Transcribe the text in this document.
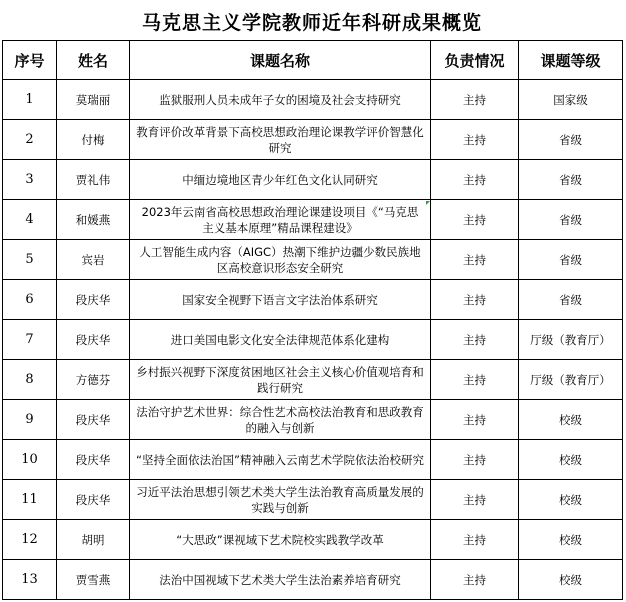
马克思主义学院教师近年科研成果概览
序号	姓名	课题名称	负责情况	课题等级
1	莫瑞丽	监狱服刑人员未成年子女的困境及社会支持研究	主持	国家级
2	付梅	教育评价改革背景下高校思想政治理论课教学评价智慧化研究	主持	省级
3	贾礼伟	中缅边境地区青少年红色文化认同研究	主持	省级
4	和媛燕	2023年云南省高校思想政治理论课建设项目《“马克思主义基本原理”精品课程建设》	主持	省级
5	宾岩	人工智能生成内容（AIGC）热潮下维护边疆少数民族地区高校意识形态安全研究	主持	省级
6	段庆华	国家安全视野下语言文字法治体系研究	主持	省级
7	段庆华	进口美国电影文化安全法律规范体系化建构	主持	厅级（教育厅）
8	方德芬	乡村振兴视野下深度贫困地区社会主义核心价值观培育和践行研究	主持	厅级（教育厅）
9	段庆华	法治守护艺术世界：综合性艺术高校法治教育和思政教育的融入与创新	主持	校级
10	段庆华	“坚持全面依法治国”精神融入云南艺术学院依法治校研究	主持	校级
11	段庆华	习近平法治思想引领艺术类大学生法治教育高质量发展的实践与创新	主持	校级
12	胡明	“大思政”课视域下艺术院校实践教学改革	主持	校级
13	贾雪燕	法治中国视域下艺术类大学生法治素养培育研究	主持	校级
